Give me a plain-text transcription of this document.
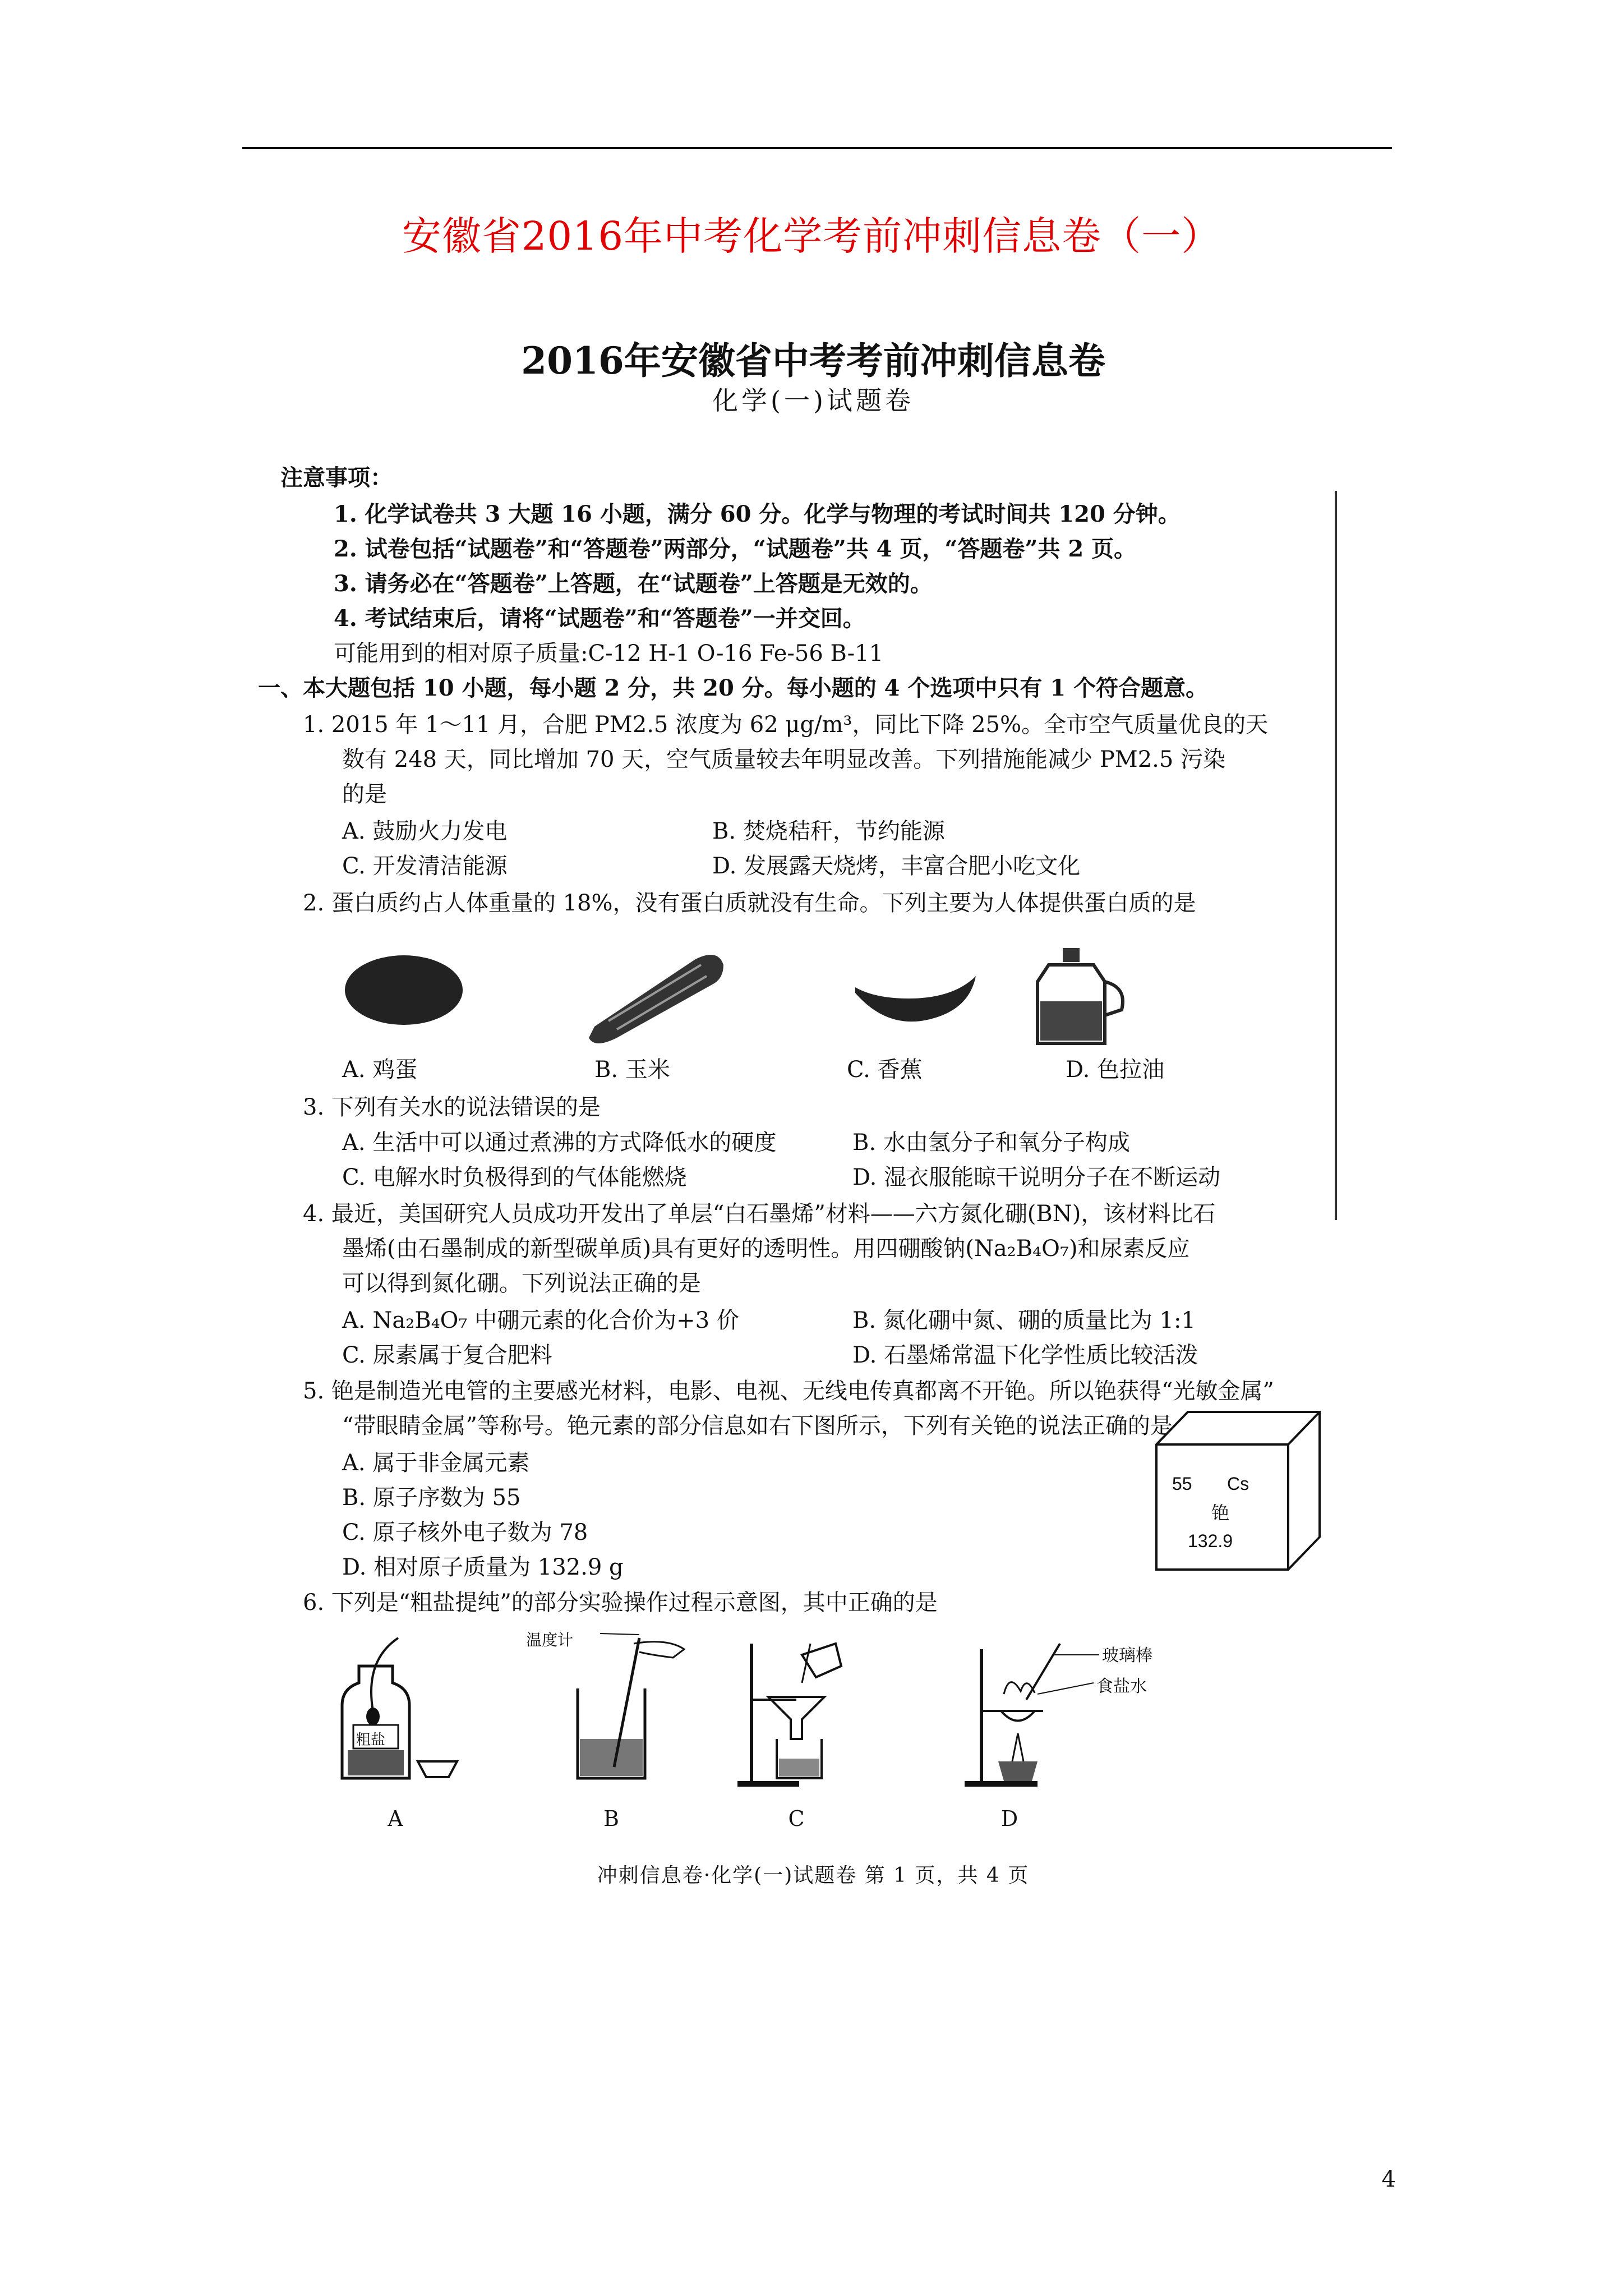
安徽省2016年中考化学考前冲刺信息卷（一）
2016年安徽省中考考前冲刺信息卷
化学(一)试题卷
注意事项：
1. 化学试卷共 3 大题 16 小题，满分 60 分。化学与物理的考试时间共 120 分钟。
2. 试卷包括“试题卷”和“答题卷”两部分，“试题卷”共 4 页，“答题卷”共 2 页。
3. 请务必在“答题卷”上答题，在“试题卷”上答题是无效的。
4. 考试结束后，请将“试题卷”和“答题卷”一并交回。
可能用到的相对原子质量:C-12 H-1 O-16 Fe-56 B-11
一、本大题包括 10 小题，每小题 2 分，共 20 分。每小题的 4 个选项中只有 1 个符合题意。
1. 2015 年 1～11 月，合肥 PM2.5 浓度为 62 μg/m³，同比下降 25%。全市空气质量优良的天
数有 248 天，同比增加 70 天，空气质量较去年明显改善。下列措施能减少 PM2.5 污染
的是
A. 鼓励火力发电	B. 焚烧秸秆，节约能源
C. 开发清洁能源	D. 发展露天烧烤，丰富合肥小吃文化
2. 蛋白质约占人体重量的 18%，没有蛋白质就没有生命。下列主要为人体提供蛋白质的是
A. 鸡蛋	B. 玉米	C. 香蕉	D. 色拉油
3. 下列有关水的说法错误的是
A. 生活中可以通过煮沸的方式降低水的硬度	B. 水由氢分子和氧分子构成
C. 电解水时负极得到的气体能燃烧	D. 湿衣服能晾干说明分子在不断运动
4. 最近，美国研究人员成功开发出了单层“白石墨烯”材料——六方氮化硼(BN)，该材料比石
墨烯(由石墨制成的新型碳单质)具有更好的透明性。用四硼酸钠(Na₂B₄O₇)和尿素反应
可以得到氮化硼。下列说法正确的是
A. Na₂B₄O₇ 中硼元素的化合价为+3 价	B. 氮化硼中氮、硼的质量比为 1:1
C. 尿素属于复合肥料	D. 石墨烯常温下化学性质比较活泼
5. 铯是制造光电管的主要感光材料，电影、电视、无线电传真都离不开铯。所以铯获得“光敏金属”
“带眼睛金属”等称号。铯元素的部分信息如右下图所示，下列有关铯的说法正确的是
A. 属于非金属元素
B. 原子序数为 55
C. 原子核外电子数为 78
D. 相对原子质量为 132.9 g
55 Cs
铯
132.9
6. 下列是“粗盐提纯”的部分实验操作过程示意图，其中正确的是
温度计
粗盐
玻璃棒
食盐水
A	B	C	D
冲刺信息卷·化学(一)试题卷 第 1 页，共 4 页
4
